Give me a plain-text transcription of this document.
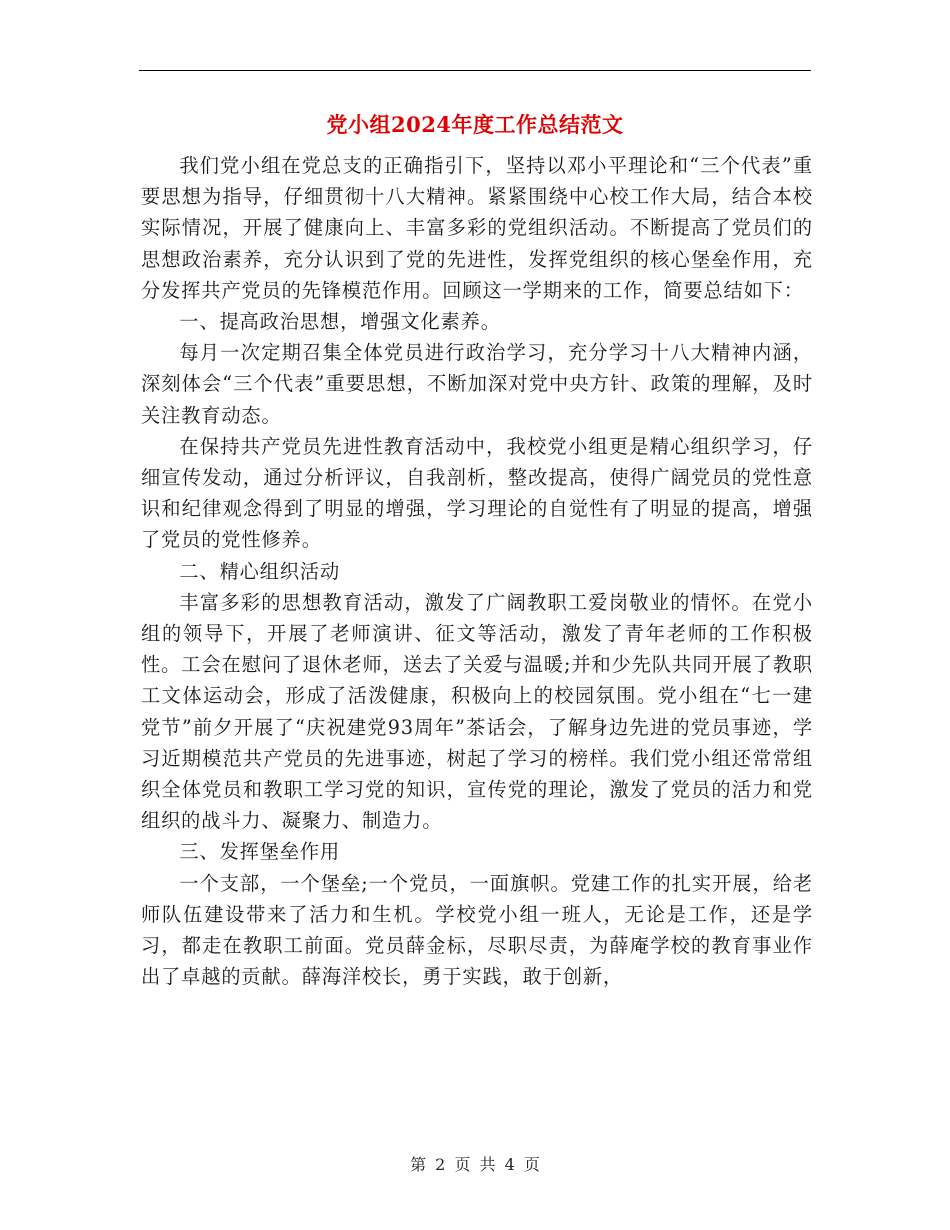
党小组2024年度工作总结范文

我们党小组在党总支的正确指引下，坚持以邓小平理论和“三个代表”重要思想为指导，仔细贯彻十八大精神。紧紧围绕中心校工作大局，结合本校实际情况，开展了健康向上、丰富多彩的党组织活动。不断提高了党员们的思想政治素养，充分认识到了党的先进性，发挥党组织的核心堡垒作用，充分发挥共产党员的先锋模范作用。回顾这一学期来的工作，简要总结如下：

一、提高政治思想，增强文化素养。

每月一次定期召集全体党员进行政治学习，充分学习十八大精神内涵，深刻体会“三个代表”重要思想，不断加深对党中央方针、政策的理解，及时关注教育动态。

在保持共产党员先进性教育活动中，我校党小组更是精心组织学习，仔细宣传发动，通过分析评议，自我剖析，整改提高，使得广阔党员的党性意识和纪律观念得到了明显的增强，学习理论的自觉性有了明显的提高，增强了党员的党性修养。

二、精心组织活动

丰富多彩的思想教育活动，激发了广阔教职工爱岗敬业的情怀。在党小组的领导下，开展了老师演讲、征文等活动，激发了青年老师的工作积极性。工会在慰问了退休老师，送去了关爱与温暖;并和少先队共同开展了教职工文体运动会，形成了活泼健康，积极向上的校园氛围。党小组在“七一建党节”前夕开展了“庆祝建党93周年”茶话会，了解身边先进的党员事迹，学习近期模范共产党员的先进事迹，树起了学习的榜样。我们党小组还常常组织全体党员和教职工学习党的知识，宣传党的理论，激发了党员的活力和党组织的战斗力、凝聚力、制造力。

三、发挥堡垒作用

一个支部，一个堡垒;一个党员，一面旗帜。党建工作的扎实开展，给老师队伍建设带来了活力和生机。学校党小组一班人，无论是工作，还是学习，都走在教职工前面。党员薛金标，尽职尽责，为薛庵学校的教育事业作出了卓越的贡献。薛海洋校长，勇于实践，敢于创新，

第 2 页 共 4 页
